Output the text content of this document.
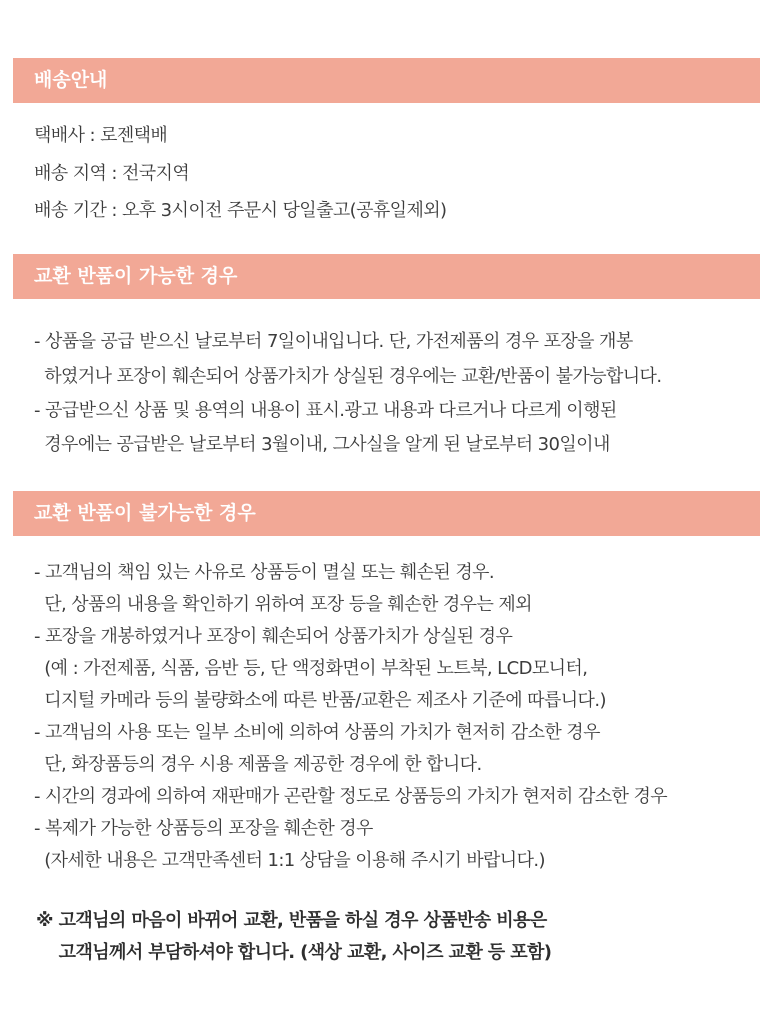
배송안내
택배사 : 로젠택배
배송 지역 : 전국지역
배송 기간 : 오후 3시이전 주문시 당일출고(공휴일제외)
교환 반품이 가능한 경우
- 상품을 공급 받으신 날로부터 7일이내입니다. 단, 가전제품의 경우 포장을 개봉
하였거나 포장이 훼손되어 상품가치가 상실된 경우에는 교환/반품이 불가능합니다.
- 공급받으신 상품 및 용역의 내용이 표시.광고 내용과 다르거나 다르게 이행된
경우에는 공급받은 날로부터 3월이내, 그사실을 알게 된 날로부터 30일이내
교환 반품이 불가능한 경우
- 고객님의 책임 있는 사유로 상품등이 멸실 또는 훼손된 경우.
단, 상품의 내용을 확인하기 위하여 포장 등을 훼손한 경우는 제외
- 포장을 개봉하였거나 포장이 훼손되어 상품가치가 상실된 경우
(예 : 가전제품, 식품, 음반 등, 단 액정화면이 부착된 노트북, LCD모니터,
디지털 카메라 등의 불량화소에 따른 반품/교환은 제조사 기준에 따릅니다.)
- 고객님의 사용 또는 일부 소비에 의하여 상품의 가치가 현저히 감소한 경우
단, 화장품등의 경우 시용 제품을 제공한 경우에 한 합니다.
- 시간의 경과에 의하여 재판매가 곤란할 정도로 상품등의 가치가 현저히 감소한 경우
- 복제가 가능한 상품등의 포장을 훼손한 경우
(자세한 내용은 고객만족센터 1:1 상담을 이용해 주시기 바랍니다.)
※ 고객님의 마음이 바뀌어 교환, 반품을 하실 경우 상품반송 비용은
고객님께서 부담하셔야 합니다. (색상 교환, 사이즈 교환 등 포함)
